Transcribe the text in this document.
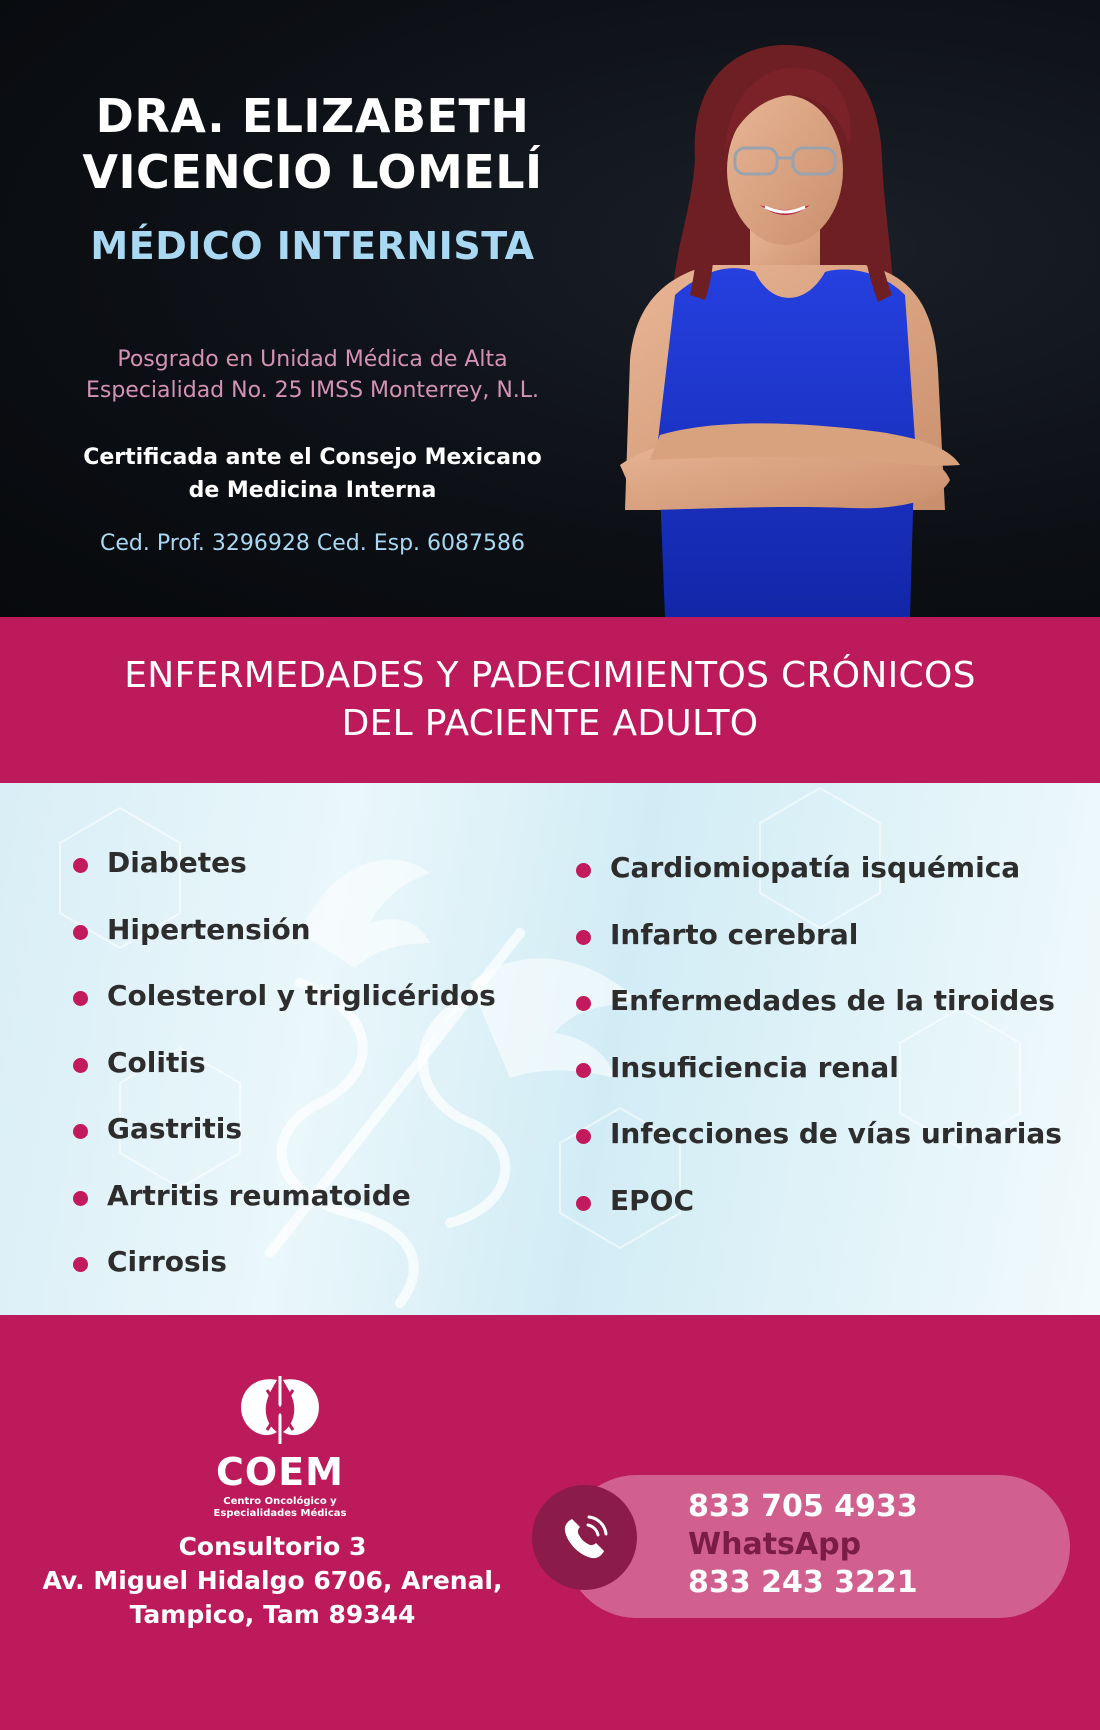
DRA. ELIZABETH
VICENCIO LOMELÍ
MÉDICO INTERNISTA
Posgrado en Unidad Médica de Alta
Especialidad No. 25 IMSS Monterrey, N.L.
Certificada ante el Consejo Mexicano
de Medicina Interna
Ced. Prof. 3296928 Ced. Esp. 6087586
ENFERMEDADES Y PADECIMIENTOS CRÓNICOS
DEL PACIENTE ADULTO
Diabetes
Hipertensión
Colesterol y triglicéridos
Colitis
Gastritis
Artritis reumatoide
Cirrosis
Cardiomiopatía isquémica
Infarto cerebral
Enfermedades de la tiroides
Insuficiencia renal
Infecciones de vías urinarias
EPOC
COEM
Centro Oncológico y
Especialidades Médicas
Consultorio 3
Av. Miguel Hidalgo 6706, Arenal,
Tampico, Tam 89344
833 705 4933
WhatsApp
833 243 3221
